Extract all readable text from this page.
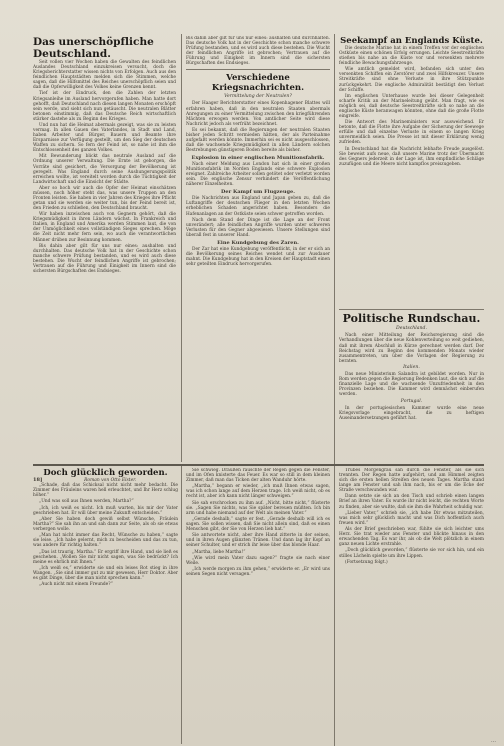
Das unerschöpfliche Deutschland.

Seit vollen vier Wochen haben die Gewalten des feindlichen Auslandes Deutschland einzukreisen versucht, doch die Kriegsberichterstatter wissen nichts von Erfolgen. Auch aus den feindlichen Hauptstädten melden sich die Stimmen, welche sagen, daß die Hilfsmittel des Reiches unerschöpflich seien und daß die Opferwilligkeit des Volkes keine Grenzen kennt.

Tief ist der Eindruck, den die Zahlen der letzten Kriegsanleihe im Ausland hervorgerufen haben. Man hatte dort gehofft, daß Deutschland nach diesen langen Monaten erschöpft sein werde, und sieht sich nun getäuscht. Die neutralen Blätter betonen einstimmig, daß das Deutsche Reich wirtschaftlich stärker dastehe als zu Beginn des Krieges.

Und nun hat die Heimat abermals gezeigt, was sie zu leisten vermag. In allen Gauen des Vaterlandes, in Stadt und Land, haben Arbeiter und Bürger, Bauern und Beamte ihre Ersparnisse zur Verfügung gestellt, um den Sieg der deutschen Waffen zu sichern. So fern der Feind ist, so nahe ist ihm die Entschlossenheit des ganzen Volkes.

Mit Bewunderung blickt das neutrale Ausland auf die Ordnung unserer Verwaltung. Die Ernte ist geborgen, die Vorräte sind gesichert, die Versorgung der Bevölkerung ist geregelt. Was England durch seine Aushungerungspolitik erreichen wollte, ist vereitelt worden durch die Tüchtigkeit der Landwirtschaft und die Einsicht der Städte.

Aber so hoch wir auch die Opfer der Heimat einschätzen müssen, noch höher steht das, was unsere Truppen an den Fronten leisten. Sie haben in vier Jahren des Krieges ihre Pflicht getan und sie werden sie weiter tun, bis der Feind bereit ist, den Frieden zu schließen, den Deutschland braucht.

Wir haben inzwischen auch von Gegnern gehört, daß die Kriegsmüdigkeit in ihren Ländern wächst. In Frankreich und Italien, in England und Amerika werden Stimmen laut, die von der Unmöglichkeit eines vollständigen Sieges sprechen. Möge die Zeit nicht mehr fern sein, wo auch die verantwortlichen Männer drüben zur Besinnung kommen.

Bis dahin aber gilt für uns nur eines: aushalten und durchhalten. Das deutsche Volk hat in der Geschichte schon manche schwere Prüfung bestanden, und es wird auch diese bestehen. Die Wucht der feindlichen Angriffe ist gebrochen; Vertrauen auf die Führung und Einigkeit im Innern sind die sichersten Bürgschaften des Endsieges.

Bis dahin aber gilt für uns nur eines: aushalten und durchhalten. Das deutsche Volk hat in der Geschichte schon manche schwere Prüfung bestanden, und es wird auch diese bestehen. Die Wucht der feindlichen Angriffe ist gebrochen; Vertrauen auf die Führung und Einigkeit im Innern sind die sichersten Bürgschaften des Endsieges.

Verschiedene Kriegsnachrichten.
Vermittelung der Neutralen?

Der Haager Berichterstatter eines Kopenhagener Blattes will erfahren haben, daß in den neutralen Staaten abermals Anregungen zu einer Vermittelung zwischen den kriegführenden Mächten erwogen werden. Von amtlicher Seite wird diese Nachricht jedoch als verfrüht bezeichnet.

Es sei bekannt, daß die Regierungen der neutralen Staaten bisher jeden Schritt vermieden hätten, der als Parteinahme aufgefaßt werden könnte. Immerhin sei es nicht ausgeschlossen, daß die wachsende Kriegsmüdigkeit in allen Ländern solchen Bestrebungen günstigeren Boden bereite als bisher.

Explosion in einer englischen Munitionsfabrik.

Nach einer Meldung aus London hat sich in einer großen Munitionsfabrik im Norden Englands eine schwere Explosion ereignet. Zahlreiche Arbeiter sollen getötet oder verletzt worden sein. Die englische Zensur verhindert die Veröffentlichung näherer Einzelheiten.

Der Kampf um Flugzeuge.

Die Nachrichten aus England und Japan geben zu, daß die Luftangriffe der deutschen Flieger in den letzten Wochen erheblichen Schaden angerichtet haben. Besonders die Hafenanlagen an der Ostküste seien schwer getroffen worden.

Nach dem Stand der Dinge ist die Lage an der Front unverändert; alle feindlichen Angriffe wurden unter schweren Verlusten für den Gegner abgewiesen. Unsere Stellungen sind überall fest in unserer Hand.

Eine Kundgebung des Zaren.

Der Zar hat eine Kundgebung veröffentlicht, in der er sich an die Bevölkerung seines Reiches wendet und zur Ausdauer mahnt. Die Kundgebung hat in den Kreisen der Hauptstadt einen sehr geteilten Eindruck hervorgerufen.

Seekampf an Englands Küste.

Die deutsche Marine hat in einem Treffen vor der englischen Ostküste einen schönen Erfolg errungen. Leichte Seestreitkräfte stießen bis nahe an die Küste vor und versenkten mehrere feindliche Bewachungsfahrzeuge.

Wie amtlich gemeldet wird, befanden sich unter den versenkten Schiffen ein Zerstörer und zwei Hilfskreuzer. Unsere Streitkräfte sind ohne Verluste in ihre Stützpunkte zurückgekehrt. Die englische Admiralität bestätigt den Verlust der Schiffe.

Im englischen Unterhause wurde bei dieser Gelegenheit scharfe Kritik an der Marineleitung geübt. Man fragt, wie es möglich sei, daß deutsche Seestreitkräfte sich so nahe an die englische Küste heranwagen könnten, ohne daß die große Flotte eingreife.

Die Antwort des Marineministers war ausweichend. Er betonte, daß die Flotte ihre Aufgabe der Sicherung der Seewege erfülle und daß einzelne Verluste in einem so langen Krieg unvermeidlich seien. Die Presse ist mit dieser Erklärung wenig zufrieden.

In Deutschland hat die Nachricht lebhafte Freude ausgelöst. Sie beweist aufs neue, daß unsere Marine trotz der Übermacht des Gegners jederzeit in der Lage ist, ihm empfindliche Schläge zuzufügen und die Meere nicht kampflos preiszugeben.

Politische Rundschau.
Deutschland.

Nach einer Mitteilung der Reichsregierung sind die Verhandlungen über die neue Kohlenverteilung so weit gediehen, daß mit ihrem Abschluß in Kürze gerechnet werden darf. Der Reichstag wird zu Beginn des kommenden Monats wieder zusammentreten, um über die Vorlagen der Regierung zu beraten.

Italien.

Das neue Ministerium Salandra ist gebildet worden. Nur in Rom werden gegen die Regierung Bedenken laut, die sich auf die finanzielle Lage und die wachsende Unzufriedenheit in den Provinzen beziehen. Die Kammer wird demnächst einberufen werden.

Portugal.

In der portugiesischen Kammer wurde eine neue Kriegsvorlage eingebracht, die zu heftigen Auseinandersetzungen geführt hat.

Doch glücklich geworden.
18]	Roman von Otto Elster.

„Schade, daß das Schicksal nicht nicht mehr bedacht. Die Zimmer des Fräuleins waren hell erleuchtet, und Ihr Herz schlug höher.“

„Und was soll aus Ihnen werden, Martha?“

„Ich, ich weiß es nicht. Ich muß warten, bis mir der Vater geschrieben hat. Er will über meine Zukunft entscheiden.“

„Aber Sie haben doch gewiß selbst Wünsche, Fräulein Martha?“ Sie sah ihn an und sah dann zur Seite, als ob sie etwas verbergen wolle.

„Man hat nicht immer das Recht, Wünsche zu haben,“ sagte sie leise. „Ich habe gelernt, mich zu bescheiden und das zu tun, was andere für richtig halten.“

„Das ist traurig, Martha.“ Er ergriff ihre Hand, und sie ließ es geschehen. „Wollen Sie mir nicht sagen, was Sie bedrückt? Ich meine es ehrlich mit Ihnen.“

„Ich weiß es,“ erwiderte sie und ein leises Rot stieg in ihre Wangen. „Sie sind immer gut zu mir gewesen, Herr Doktor. Aber es gibt Dinge, über die man nicht sprechen kann.“

„Auch nicht mit einem Freunde?“

Sie schwieg. Draußen rauschte der Regen gegen die Fenster, und im Ofen knisterte das Feuer. Es war so still in dem kleinen Zimmer, daß man das Ticken der alten Wanduhr hörte.

„Martha,“ begann er wieder, „ich muß Ihnen etwas sagen, was ich schon lange auf dem Herzen trage. Ich weiß nicht, ob es recht ist, aber ich kann nicht länger schweigen.“

Sie sah erschrocken zu ihm auf. „Nicht, bitte nicht,“ flüsterte sie. „Sagen Sie nichts, was Sie später bereuen müßten. Ich bin arm und habe niemand auf der Welt als meinen Vater.“

„Gerade deshalb,“ sagte er fest. „Gerade deshalb will ich es sagen. Sie sollen wissen, daß Sie nicht allein sind, daß es einen Menschen gibt, der Sie von Herzen lieb hat.“

Sie antwortete nicht, aber ihre Hand zitterte in der seinen, und in ihren Augen glänzten Tränen. Und dann lag ihr Kopf an seiner Schulter, und er strich ihr leise über das blonde Haar.

„Martha, liebe Martha!“

„Wie wird mein Vater dazu sagen?“ fragte sie nach einer Weile.

„Ich werde morgen zu ihm gehen,“ erwiderte er. „Er wird uns seinen Segen nicht versagen.“

Trübes Morgengrau sah durch die Fenster, als sie sich trennten. Der Regen hatte aufgehört, und am Himmel zeigten sich die ersten hellen Streifen des neuen Tages. Martha stand lange am Fenster und sah ihm nach, bis er um die Ecke der Straße verschwunden war.

Dann setzte sie sich an den Tisch und schrieb einen langen Brief an ihren Vater. Es wurde ihr nicht leicht, die rechten Worte zu finden, aber sie wußte, daß sie ihm die Wahrheit schuldig war.

„Lieber Vater,“ schrieb sie, „ich habe Dir etwas mitzuteilen, was mich sehr glücklich macht und was Dich hoffentlich auch freuen wird.“

Als der Brief geschrieben war, fühlte sie sich leichter ums Herz. Sie trat wieder ans Fenster und blickte hinaus in den erwachenden Tag. Es war ihr, als ob die Welt plötzlich in einem ganz neuen Lichte erstrahle.

„Doch glücklich geworden,“ flüsterte sie vor sich hin, und ein stilles Lächeln spielte um ihre Lippen.

(Fortsetzung folgt.)

…
